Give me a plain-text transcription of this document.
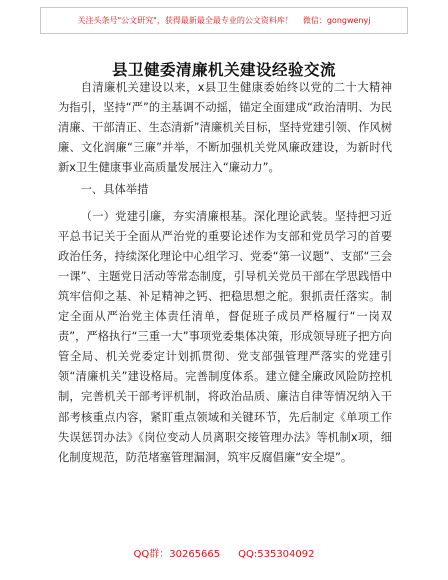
关注头条号"公文研究"，获得最新最全最专业的公文资料库！ 微信：gongwenyj
县卫健委清廉机关建设经验交流

自清廉机关建设以来，x县卫生健康委始终以党的二十大精神为指引，坚持“严”的主基调不动摇，锚定全面建成“政治清明、为民清廉、干部清正、生态清新”清廉机关目标，坚持党建引领、作风树廉、文化润廉“三廉”并举，不断加强机关党风廉政建设，为新时代新x卫生健康事业高质量发展注入“廉动力”。

一、具体举措

（一）党建引廉，夯实清廉根基。深化理论武装。坚持把习近平总书记关于全面从严治党的重要论述作为支部和党员学习的首要政治任务，持续深化理论中心组学习、党委“第一议题”、支部“三会一课”、主题党日活动等常态制度，引导机关党员干部在学思践悟中筑牢信仰之基、补足精神之钙、把稳思想之舵。狠抓责任落实。制定全面从严治党主体责任清单，督促班子成员严格履行“一岗双责”，严格执行“三重一大”事项党委集体决策，形成领导班子把方向管全局、机关党委定计划抓贯彻、党支部强管理严落实的党建引领“清廉机关”建设格局。完善制度体系。建立健全廉政风险防控机制，完善机关干部考评机制，将政治品质、廉洁自律等情况纳入干部考核重点内容，紧盯重点领域和关键环节，先后制定《单项工作失误惩罚办法》《岗位变动人员离职交接管理办法》等机制x项，细化制度规范，防范堵塞管理漏洞，筑牢反腐倡廉“安全堤”。

QQ群：30265665 QQ:535304092
